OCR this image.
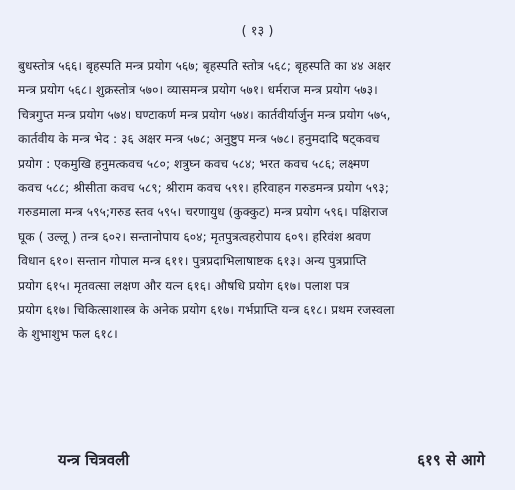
( १३ )

बुधस्तोत्र ५६६। बृहस्पति मन्त्र प्रयोग ५६७; बृहस्पति स्तोत्र ५६८; बृहस्पति का ४४ अक्षर

मन्त्र प्रयोग ५६८। शुक्रस्तोत्र ५७०। व्यासमन्त्र प्रयोग ५७१। धर्मराज मन्त्र प्रयोग ५७३।

चित्रगुप्त मन्त्र प्रयोग ५७४। घण्टाकर्ण मन्त्र प्रयोग ५७४। कार्तवीर्यार्जुन मन्त्र प्रयोग ५७५,

कार्तवीय के मन्त्र भेद : ३६ अक्षर मन्त्र ५७८; अनुष्टुप मन्त्र ५७८। हनुमदादि षट्कवच

प्रयोग : एकमुखि हनुमत्कवच ५८०; शत्रुघ्न कवच ५८४; भरत कवच ५८६; लक्ष्मण

कवच ५८८; श्रीसीता कवच ५८९; श्रीराम कवच ५९१। हरिवाहन गरुडमन्त्र प्रयोग ५९३;

गरुडमाला मन्त्र ५९५;गरुड स्तव ५९५। चरणायुध (कुक्कुट) मन्त्र प्रयोग ५९६। पक्षिराज

घूक ( उल्लू ) तन्त्र ६०२। सन्तानोपाय ६०४; मृतपुत्रत्वहरोपाय ६०९। हरिवंश श्रवण

विधान ६१०। सन्तान गोपाल मन्त्र ६११। पुत्रप्रदाभिलाषाष्टक ६१३। अन्य पुत्रप्राप्ति

प्रयोग ६१५। मृतवत्सा लक्षण और यत्न ६१६। औषधि प्रयोग ६१७। पलाश पत्र

प्रयोग ६१७। चिकित्साशास्त्र के अनेक प्रयोग ६१७। गर्भप्राप्ति यन्त्र ६१८। प्रथम रजस्वला

के शुभाशुभ फल ६१८।

यन्त्र चित्रवली	६१९ से आगे
